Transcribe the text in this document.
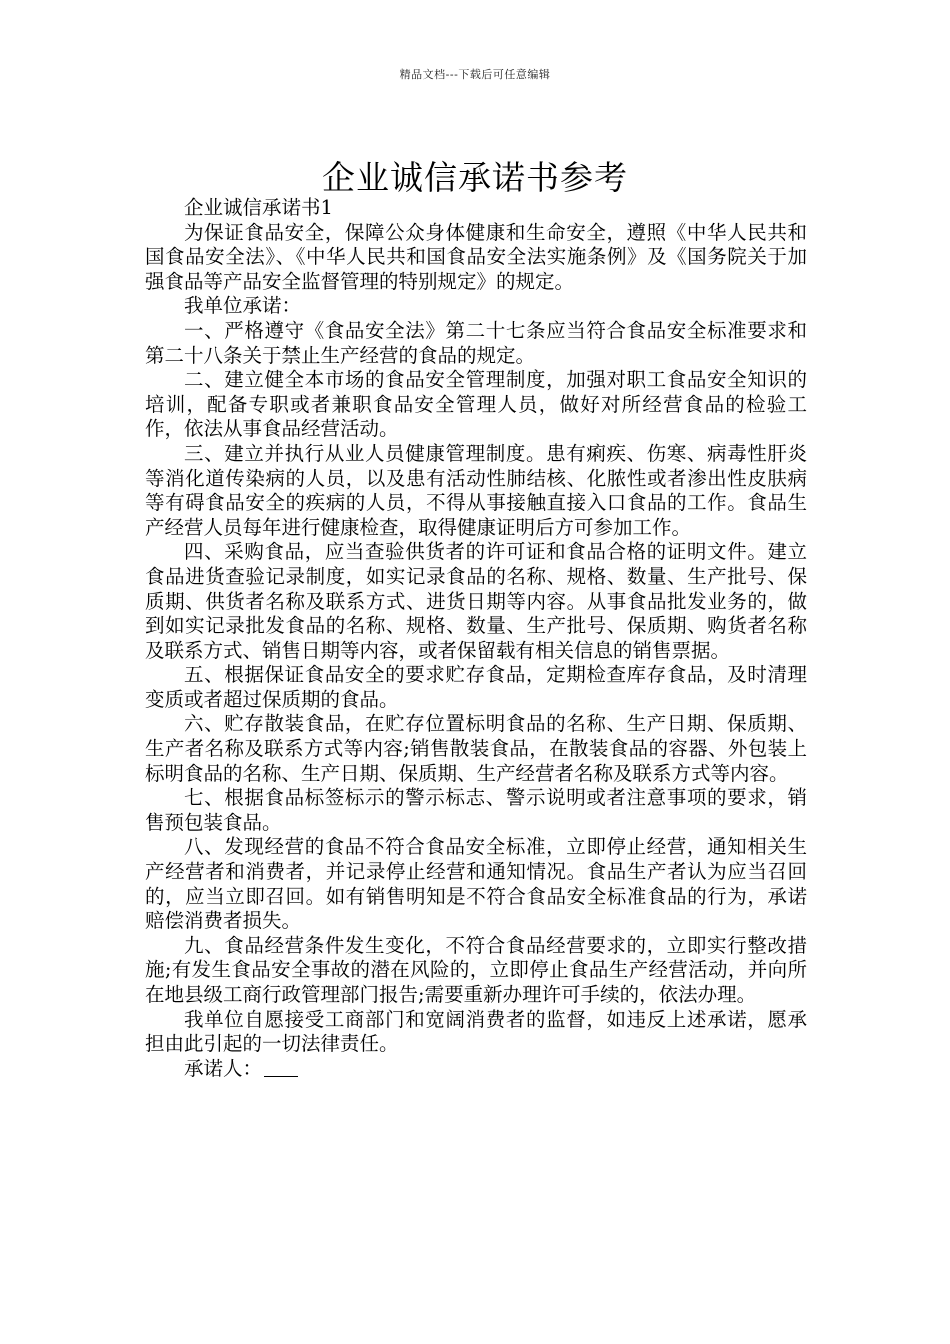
精品文档---下载后可任意编辑
企业诚信承诺书参考

企业诚信承诺书1

为保证食品安全，保障公众身体健康和生命安全，遵照《中华人民共和国食品安全法》、《中华人民共和国食品安全法实施条例》及《国务院关于加强食品等产品安全监督管理的特别规定》的规定。

我单位承诺：

一、严格遵守《食品安全法》第二十七条应当符合食品安全标准要求和第二十八条关于禁止生产经营的食品的规定。

二、建立健全本市场的食品安全管理制度，加强对职工食品安全知识的培训，配备专职或者兼职食品安全管理人员，做好对所经营食品的检验工作，依法从事食品经营活动。

三、建立并执行从业人员健康管理制度。患有痢疾、伤寒、病毒性肝炎等消化道传染病的人员，以及患有活动性肺结核、化脓性或者渗出性皮肤病等有碍食品安全的疾病的人员，不得从事接触直接入口食品的工作。食品生产经营人员每年进行健康检查，取得健康证明后方可参加工作。

四、采购食品，应当查验供货者的许可证和食品合格的证明文件。建立食品进货查验记录制度，如实记录食品的名称、规格、数量、生产批号、保质期、供货者名称及联系方式、进货日期等内容。从事食品批发业务的，做到如实记录批发食品的名称、规格、数量、生产批号、保质期、购货者名称及联系方式、销售日期等内容，或者保留载有相关信息的销售票据。

五、根据保证食品安全的要求贮存食品，定期检查库存食品，及时清理变质或者超过保质期的食品。

六、贮存散装食品，在贮存位置标明食品的名称、生产日期、保质期、生产者名称及联系方式等内容;销售散装食品，在散装食品的容器、外包装上标明食品的名称、生产日期、保质期、生产经营者名称及联系方式等内容。

七、根据食品标签标示的警示标志、警示说明或者注意事项的要求，销售预包装食品。

八、发现经营的食品不符合食品安全标准，立即停止经营，通知相关生产经营者和消费者，并记录停止经营和通知情况。食品生产者认为应当召回的，应当立即召回。如有销售明知是不符合食品安全标准食品的行为，承诺赔偿消费者损失。

九、食品经营条件发生变化，不符合食品经营要求的，立即实行整改措施;有发生食品安全事故的潜在风险的，立即停止食品生产经营活动，并向所在地县级工商行政管理部门报告;需要重新办理许可手续的，依法办理。

我单位自愿接受工商部门和宽阔消费者的监督，如违反上述承诺，愿承担由此引起的一切法律责任。

承诺人：
